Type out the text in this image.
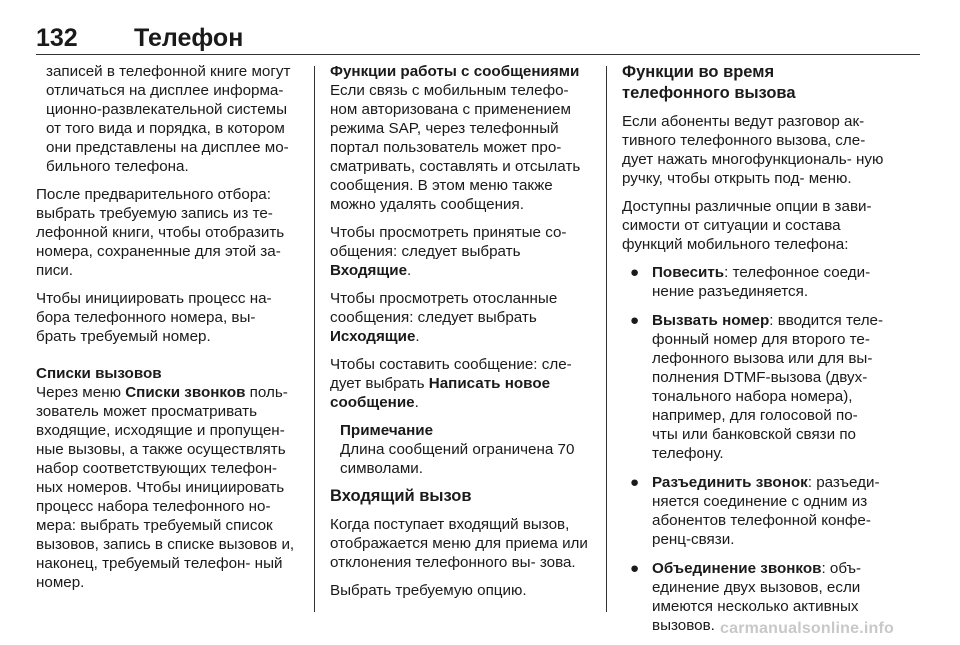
132 Телефон

записей в телефонной книге могут отличаться на дисплее информа- ционно-развлекательной системы от того вида и порядка, в котором они представлены на дисплее мо- бильного телефона.

После предварительного отбора: выбрать требуемую запись из те- лефонной книги, чтобы отобразить номера, сохраненные для этой за- писи.

Чтобы инициировать процесс на- бора телефонного номера, вы- брать требуемый номер.

Списки вызовов

Через меню Списки звонков поль- зователь может просматривать входящие, исходящие и пропущен- ные вызовы, а также осуществлять набор соответствующих телефон- ных номеров. Чтобы инициировать процесс набора телефонного но- мера: выбрать требуемый список вызовов, запись в списке вызовов и, наконец, требуемый телефон- ный номер.

Функции работы с сообщениями

Если связь с мобильным телефо- ном авторизована с применением режима SAP, через телефонный портал пользователь может про- сматривать, составлять и отсылать сообщения. В этом меню также можно удалять сообщения.

Чтобы просмотреть принятые со- общения: следует выбрать
Входящие.

Чтобы просмотреть отосланные сообщения: следует выбрать
Исходящие.

Чтобы составить сообщение: сле- дует выбрать Написать новое сообщение.

Примечание
Длина сообщений ограничена 70 символами.

Входящий вызов

Когда поступает входящий вызов, отображается меню для приема или отклонения телефонного вы- зова.

Выбрать требуемую опцию.

Функции во время телефонного вызова

Если абоненты ведут разговор ак- тивного телефонного вызова, сле- дует нажать многофункциональ- ную ручку, чтобы открыть под- меню.

Доступны различные опции в зави- симости от ситуации и состава функций мобильного телефона:

● Повесить: телефонное соеди- нение разъединяется.
● Вызвать номер: вводится теле- фонный номер для второго те- лефонного вызова или для вы- полнения DTMF-вызова (двух- тонального набора номера), например, для голосовой по- чты или банковской связи по телефону.
● Разъединить звонок: разъеди- няется соединение с одним из абонентов телефонной конфе- ренц-связи.
● Объединение звонков: объ- единение двух вызовов, если имеются несколько активных вызовов. carmanualsonline.info
